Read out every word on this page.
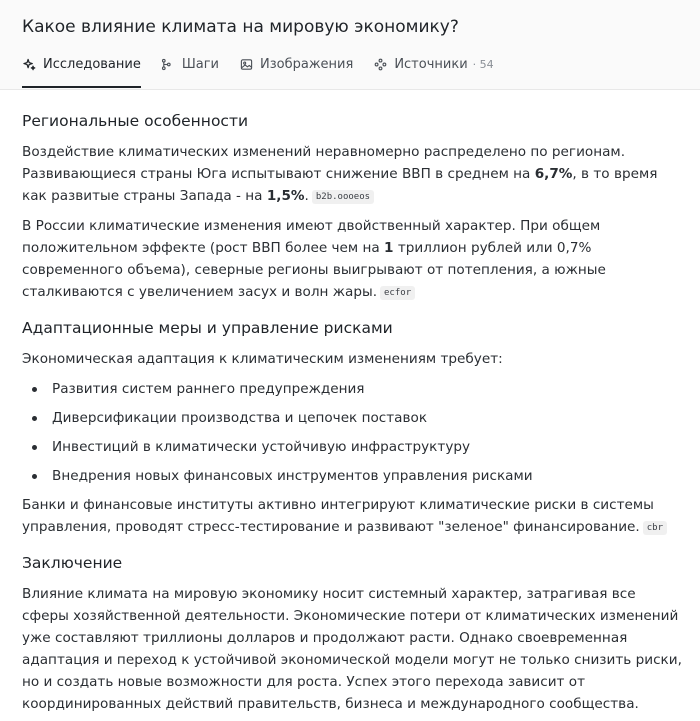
Какое влияние климата на мировую экономику?
Исследование	Шаги	Изображения	Источники · 54
Региональные особенности

Воздействие климатических изменений неравномерно распределено по регионам. Развивающиеся страны Юга испытывают снижение ВВП в среднем на 6,7%, в то время как развитые страны Запада - на 1,5%. b2b.oooeos

В России климатические изменения имеют двойственный характер. При общем положительном эффекте (рост ВВП более чем на 1 триллион рублей или 0,7% современного объема), северные регионы выигрывают от потепления, а южные сталкиваются с увеличением засух и волн жары. ecfor

Адаптационные меры и управление рисками

Экономическая адаптация к климатическим изменениям требует:

Развития систем раннего предупреждения
Диверсификации производства и цепочек поставок
Инвестиций в климатически устойчивую инфраструктуру
Внедрения новых финансовых инструментов управления рисками

Банки и финансовые институты активно интегрируют климатические риски в системы управления, проводят стресс-тестирование и развивают "зеленое" финансирование. cbr

Заключение

Влияние климата на мировую экономику носит системный характер, затрагивая все сферы хозяйственной деятельности. Экономические потери от климатических изменений уже составляют триллионы долларов и продолжают расти. Однако своевременная адаптация и переход к устойчивой экономической модели могут не только снизить риски, но и создать новые возможности для роста. Успех этого перехода зависит от координированных действий правительств, бизнеса и международного сообщества.
